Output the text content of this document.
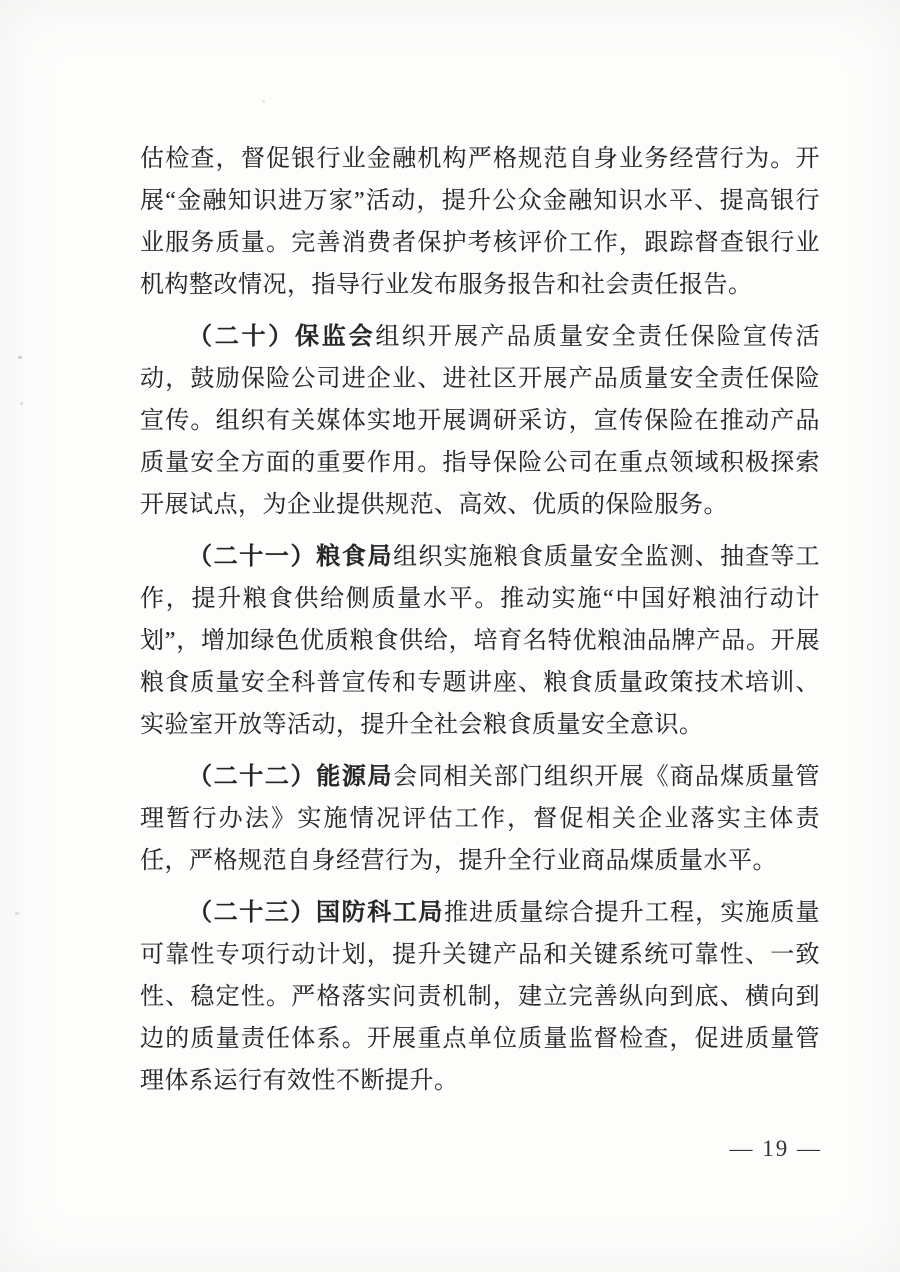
估检查，督促银行业金融机构严格规范自身业务经营行为。开展“金融知识进万家”活动，提升公众金融知识水平、提高银行业服务质量。完善消费者保护考核评价工作，跟踪督查银行业机构整改情况，指导行业发布服务报告和社会责任报告。

（二十）保监会组织开展产品质量安全责任保险宣传活动，鼓励保险公司进企业、进社区开展产品质量安全责任保险宣传。组织有关媒体实地开展调研采访，宣传保险在推动产品质量安全方面的重要作用。指导保险公司在重点领域积极探索开展试点，为企业提供规范、高效、优质的保险服务。

（二十一）粮食局组织实施粮食质量安全监测、抽查等工作，提升粮食供给侧质量水平。推动实施“中国好粮油行动计划”，增加绿色优质粮食供给，培育名特优粮油品牌产品。开展粮食质量安全科普宣传和专题讲座、粮食质量政策技术培训、实验室开放等活动，提升全社会粮食质量安全意识。

（二十二）能源局会同相关部门组织开展《商品煤质量管理暂行办法》实施情况评估工作，督促相关企业落实主体责任，严格规范自身经营行为，提升全行业商品煤质量水平。

（二十三）国防科工局推进质量综合提升工程，实施质量可靠性专项行动计划，提升关键产品和关键系统可靠性、一致性、稳定性。严格落实问责机制，建立完善纵向到底、横向到边的质量责任体系。开展重点单位质量监督检查，促进质量管理体系运行有效性不断提升。

— 19 —
